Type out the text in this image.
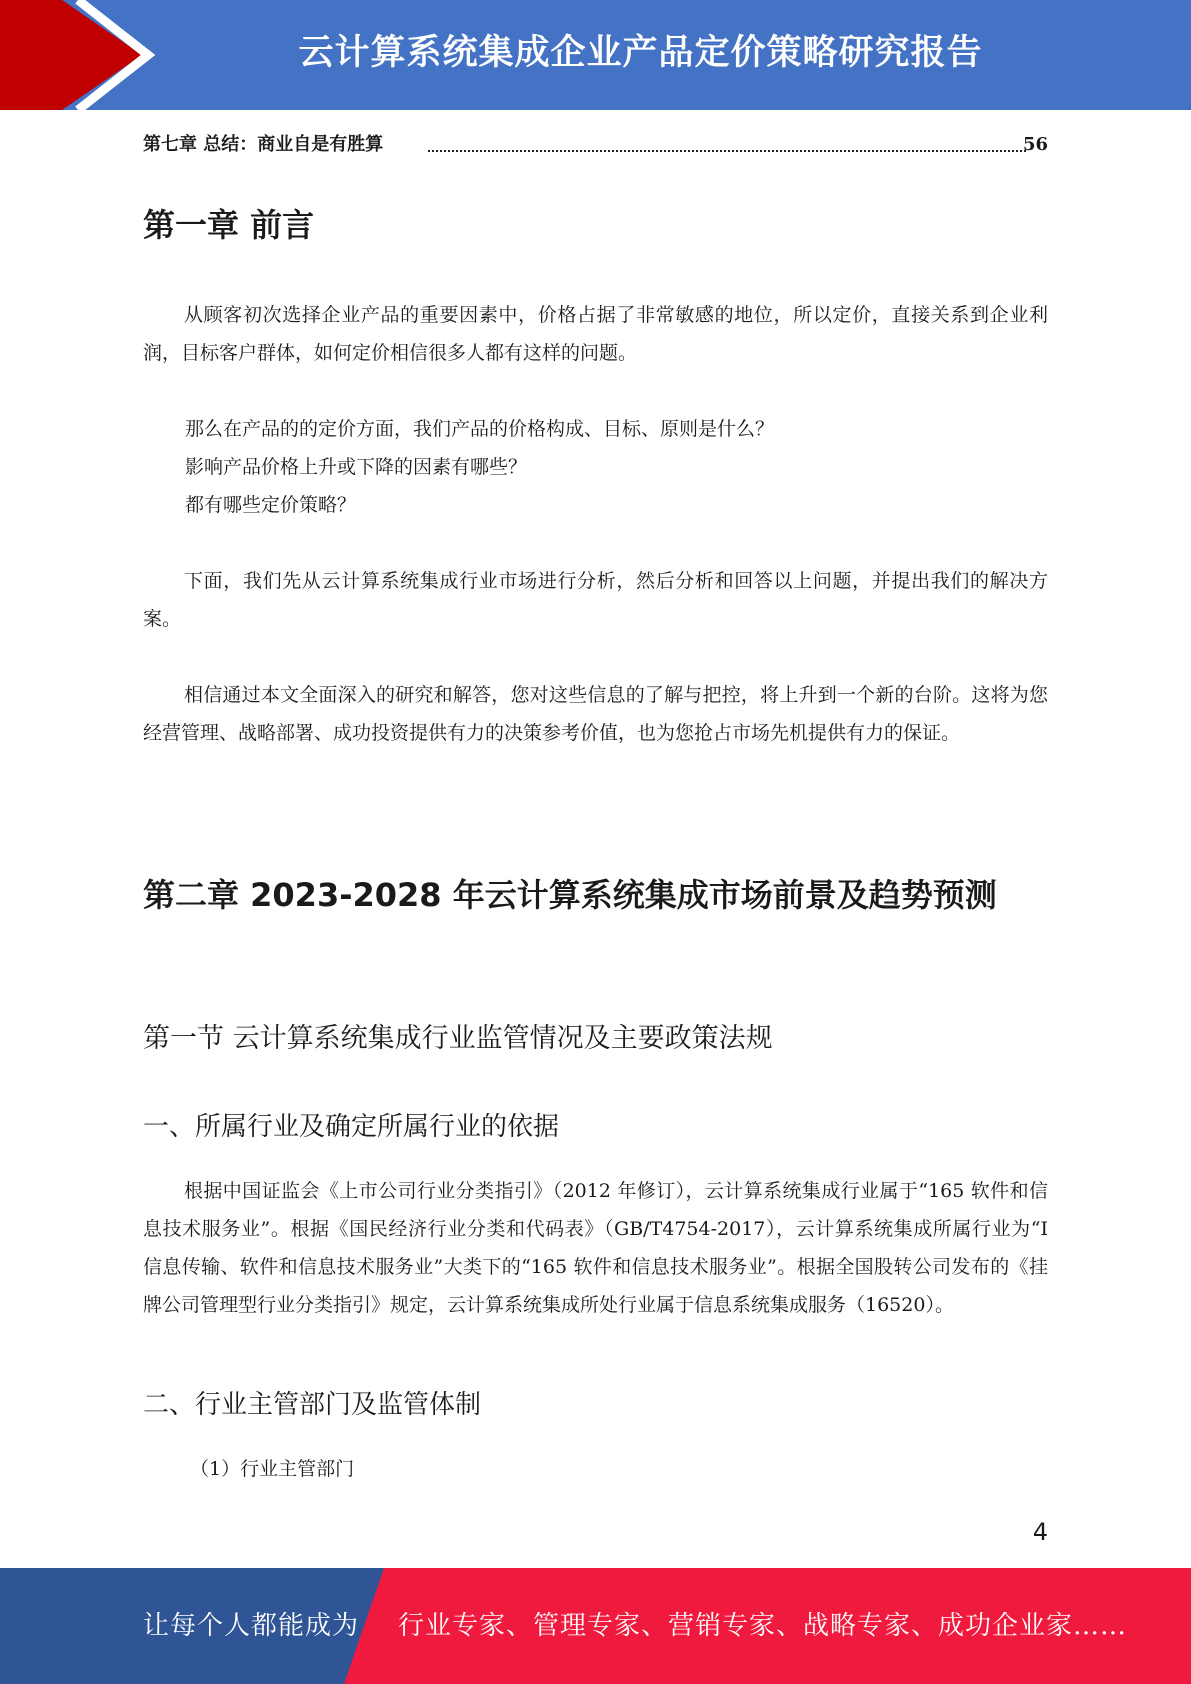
云计算系统集成企业产品定价策略研究报告
第七章 总结：商业自是有胜算	56
第一章 前言
从顾客初次选择企业产品的重要因素中，价格占据了非常敏感的地位，所以定价，直接关系到企业利润，目标客户群体，如何定价相信很多人都有这样的问题。
那么在产品的的定价方面，我们产品的价格构成、目标、原则是什么？
影响产品价格上升或下降的因素有哪些？
都有哪些定价策略？
下面，我们先从云计算系统集成行业市场进行分析，然后分析和回答以上问题，并提出我们的解决方案。
相信通过本文全面深入的研究和解答，您对这些信息的了解与把控，将上升到一个新的台阶。这将为您经营管理、战略部署、成功投资提供有力的决策参考价值，也为您抢占市场先机提供有力的保证。
第二章 2023-2028 年云计算系统集成市场前景及趋势预测
第一节 云计算系统集成行业监管情况及主要政策法规
一、所属行业及确定所属行业的依据
根据中国证监会《上市公司行业分类指引》（2012 年修订），云计算系统集成行业属于“165 软件和信息技术服务业”。根据《国民经济行业分类和代码表》（GB/T4754-2017），云计算系统集成所属行业为“I 信息传输、软件和信息技术服务业”大类下的“165 软件和信息技术服务业”。根据全国股转公司发布的《挂牌公司管理型行业分类指引》规定，云计算系统集成所处行业属于信息系统集成服务（16520）。
二、行业主管部门及监管体制
（1）行业主管部门
4
让每个人都能成为 行业专家、管理专家、营销专家、战略专家、成功企业家……
